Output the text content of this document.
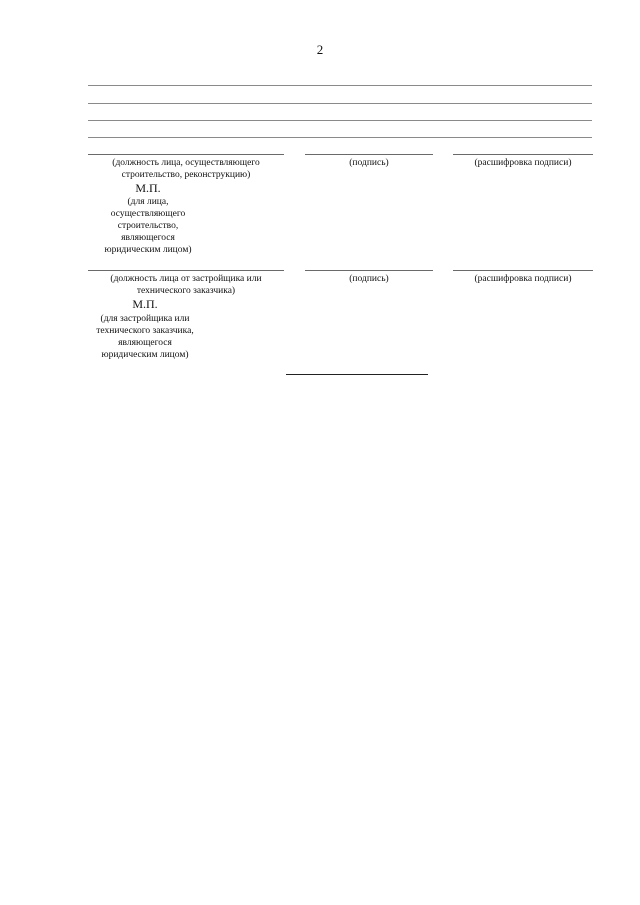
2
(должность лица, осуществляющего
строительство, реконструкцию)
(подпись)	(расшифровка подписи)
М.П.
(для лица,
осуществляющего
строительство,
являющегося
юридическим лицом)
(должность лица от застройщика или
технического заказчика)
(подпись)	(расшифровка подписи)
М.П.
(для застройщика или
технического заказчика,
являющегося
юридическим лицом)
